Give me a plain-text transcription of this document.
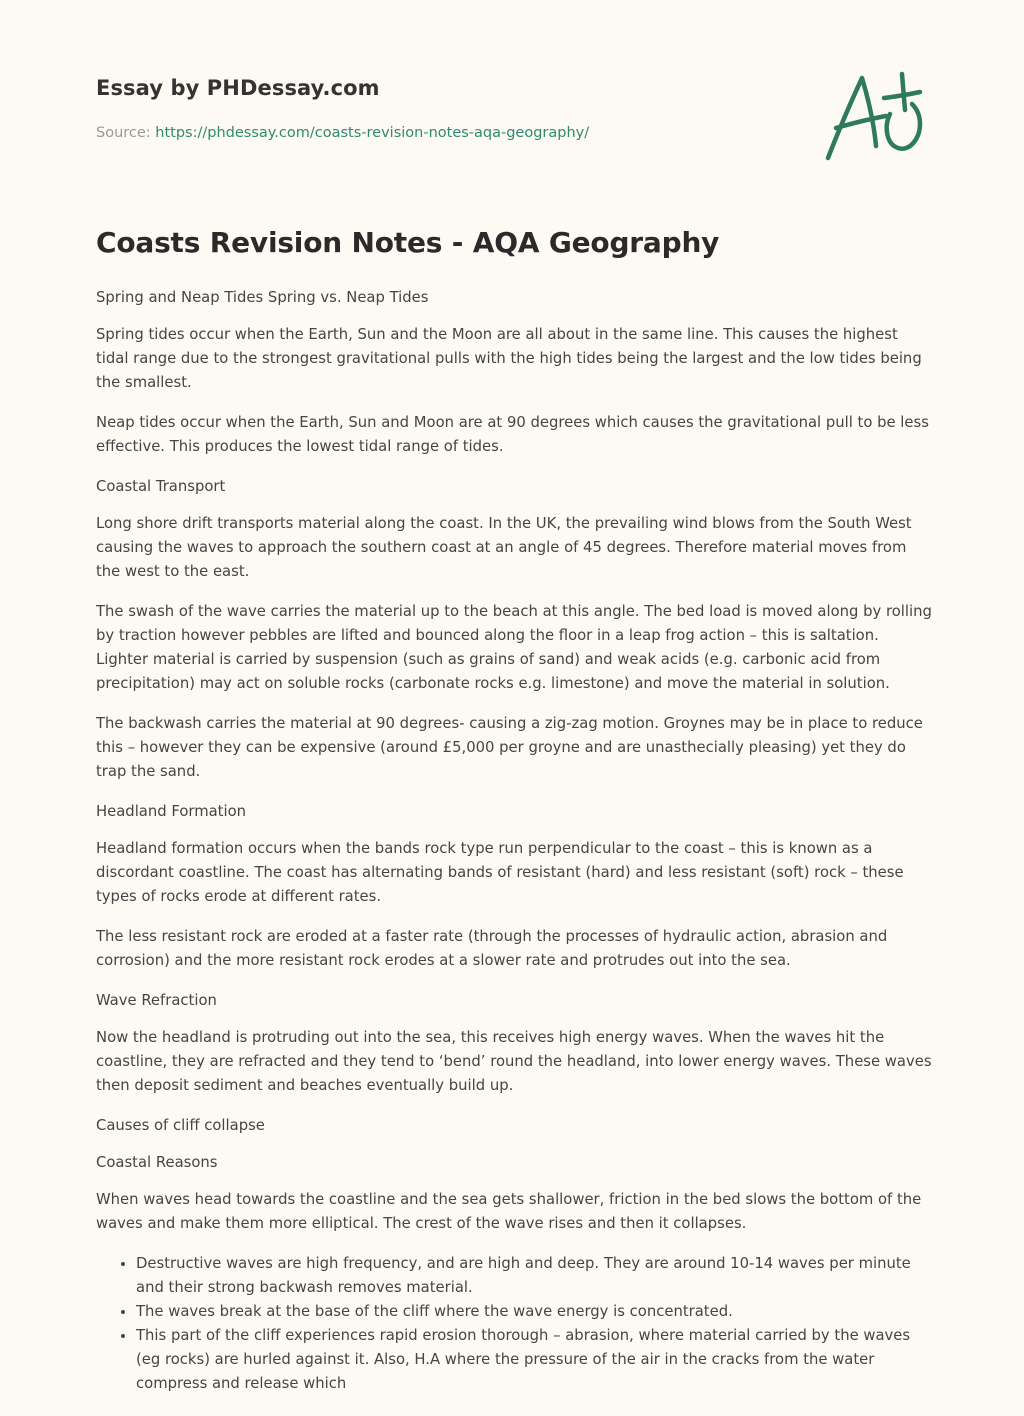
Essay by PHDessay.com
Source: https://phdessay.com/coasts-revision-notes-aqa-geography/
Coasts Revision Notes - AQA Geography

Spring and Neap Tides Spring vs. Neap Tides

Spring tides occur when the Earth, Sun and the Moon are all about in the same line. This causes the highest tidal range due to the strongest gravitational pulls with the high tides being the largest and the low tides being the smallest.

Neap tides occur when the Earth, Sun and Moon are at 90 degrees which causes the gravitational pull to be less effective. This produces the lowest tidal range of tides.

Coastal Transport

Long shore drift transports material along the coast. In the UK, the prevailing wind blows from the South West causing the waves to approach the southern coast at an angle of 45 degrees. Therefore material moves from the west to the east.

The swash of the wave carries the material up to the beach at this angle. The bed load is moved along by rolling by traction however pebbles are lifted and bounced along the floor in a leap frog action – this is saltation. Lighter material is carried by suspension (such as grains of sand) and weak acids (e.g. carbonic acid from precipitation) may act on soluble rocks (carbonate rocks e.g. limestone) and move the material in solution.

The backwash carries the material at 90 degrees- causing a zig-zag motion. Groynes may be in place to reduce this – however they can be expensive (around £5,000 per groyne and are unasthecially pleasing) yet they do trap the sand.

Headland Formation

Headland formation occurs when the bands rock type run perpendicular to the coast – this is known as a discordant coastline. The coast has alternating bands of resistant (hard) and less resistant (soft) rock – these types of rocks erode at different rates.

The less resistant rock are eroded at a faster rate (through the processes of hydraulic action, abrasion and corrosion) and the more resistant rock erodes at a slower rate and protrudes out into the sea.

Wave Refraction

Now the headland is protruding out into the sea, this receives high energy waves. When the waves hit the coastline, they are refracted and they tend to ‘bend’ round the headland, into lower energy waves. These waves then deposit sediment and beaches eventually build up.

Causes of cliff collapse

Coastal Reasons

When waves head towards the coastline and the sea gets shallower, friction in the bed slows the bottom of the waves and make them more elliptical. The crest of the wave rises and then it collapses.

• Destructive waves are high frequency, and are high and deep. They are around 10-14 waves per minute and their strong backwash removes material.
• The waves break at the base of the cliff where the wave energy is concentrated.
• This part of the cliff experiences rapid erosion thorough – abrasion, where material carried by the waves (eg rocks) are hurled against it. Also, H.A where the pressure of the air in the cracks from the water compress and release which
